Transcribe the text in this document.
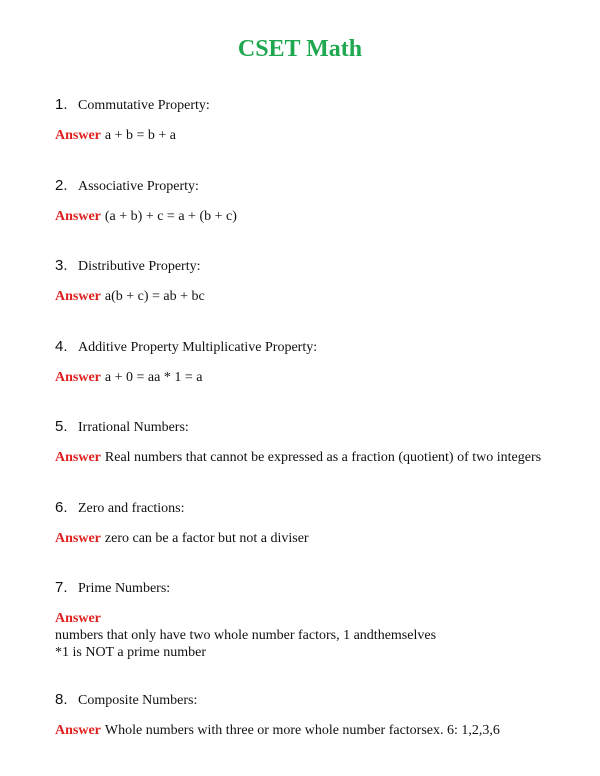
CSET Math
1. Commutative Property:
Answer a + b = b + a
2. Associative Property:
Answer (a + b) + c = a + (b + c)
3. Distributive Property:
Answer a(b + c) = ab + bc
4. Additive Property Multiplicative Property:
Answer a + 0 = aa * 1 = a
5. Irrational Numbers:
Answer Real numbers that cannot be expressed as a fraction (quotient) of two integers
6. Zero and fractions:
Answer zero can be a factor but not a diviser
7. Prime Numbers:
Answer
numbers that only have two whole number factors, 1 andthemselves
*1 is NOT a prime number
8. Composite Numbers:
Answer Whole numbers with three or more whole number factorsex. 6: 1,2,3,6
